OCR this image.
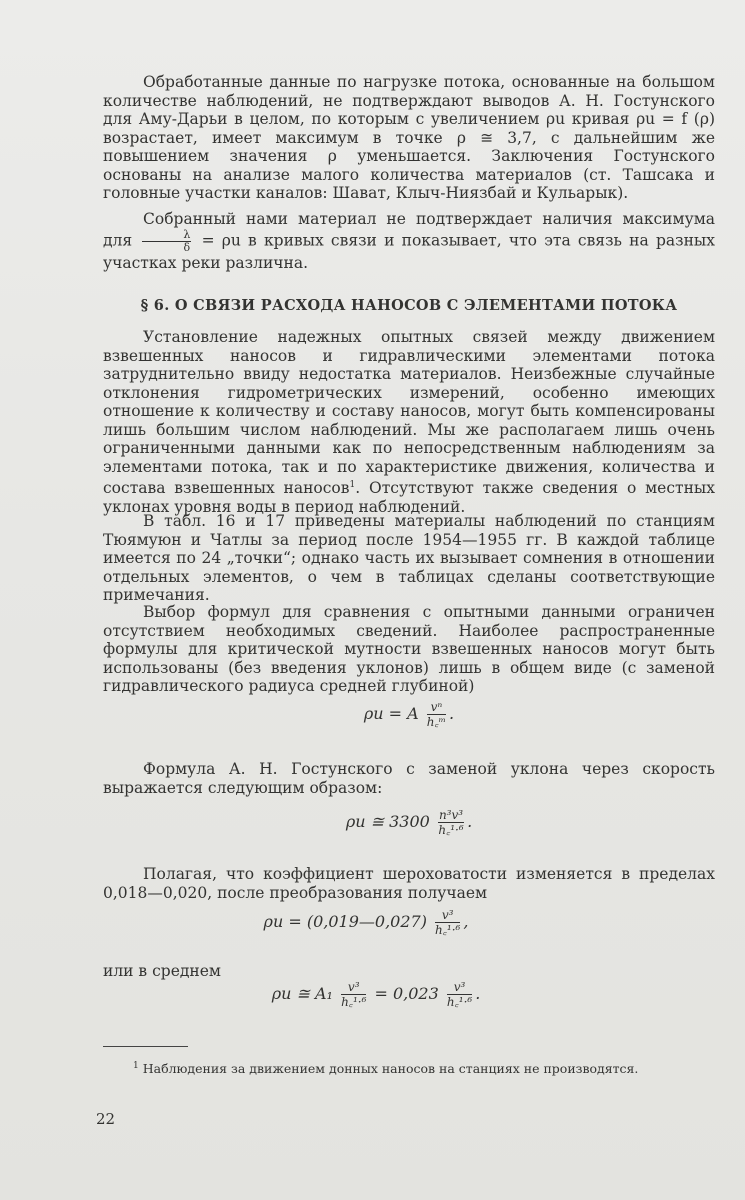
Обработанные данные по нагрузке потока, основанные на большом количестве наблюдений, не подтверждают выводов А. Н. Гостунского для Аму-Дарьи в целом, по которым с увеличением ρu кривая ρu = f (ρ) возрастает, имеет максимум в точке ρ ≅ 3,7, с дальнейшим же повышением значения ρ уменьшается. Заключения Гостунского основаны на анализе малого количества материалов (ст. Ташсака и головные участки каналов: Шават, Клыч-Ниязбай и Кульарык).

Собранный нами материал не подтверждает наличия максимума для $\frac{\lambda}{\delta} = \rho u$ в кривых связи и показывает, что эта связь на разных участках реки различна.

§ 6. О СВЯЗИ РАСХОДА НАНОСОВ С ЭЛЕМЕНТАМИ ПОТОКА

Установление надежных опытных связей между движением взвешенных наносов и гидравлическими элементами потока затруднительно ввиду недостатка материалов. Неизбежные случайные отклонения гидрометрических измерений, особенно имеющих отношение к количеству и составу наносов, могут быть компенсированы лишь большим числом наблюдений. Мы же располагаем лишь очень ограниченными данными как по непосредственным наблюдениям за элементами потока, так и по характеристике движения, количества и состава взвешенных наносов$^1$. Отсутствуют также сведения о местных уклонах уровня воды в период наблюдений.

В табл. 16 и 17 приведены материалы наблюдений по станциям Тюямуюн и Чатлы за период после 1954—1955 гг. В каждой таблице имеется по 24 „точки“; однако часть их вызывает сомнения в отношении отдельных элементов, о чем в таблицах сделаны соответствующие примечания.

Выбор формул для сравнения с опытными данными ограничен отсутствием необходимых сведений. Наиболее распространенные формулы для критической мутности взвешенных наносов могут быть использованы (без введения уклонов) лишь в общем виде (с заменой гидравлического радиуса средней глубиной)

ρu = A $\frac{\text{vⁿ}}{\text{h꜀ᵐ}}$ .

Формула А. Н. Гостунского с заменой уклона через скорость выражается следующим образом:

ρu ≅ $3300 \frac{\text{n³v³}}{\text{h꜀¹·⁶}}$ .

Полагая, что коэффициент шероховатости изменяется в пределах 0,018—0,020, после преобразования получаем

ρu = (0,019—0,027) $\frac{\text{v³}}{\text{h꜀¹·⁶}}$ ,
или в среднем
ρu ≅ $A_1 \frac{\text{v³}}{\text{h꜀¹·⁶}} = 0,023 \frac{\text{v³}}{\text{h꜀¹·⁶}}$ .
$^1$ Наблюдения за движением донных наносов на станциях не производятся.
22
